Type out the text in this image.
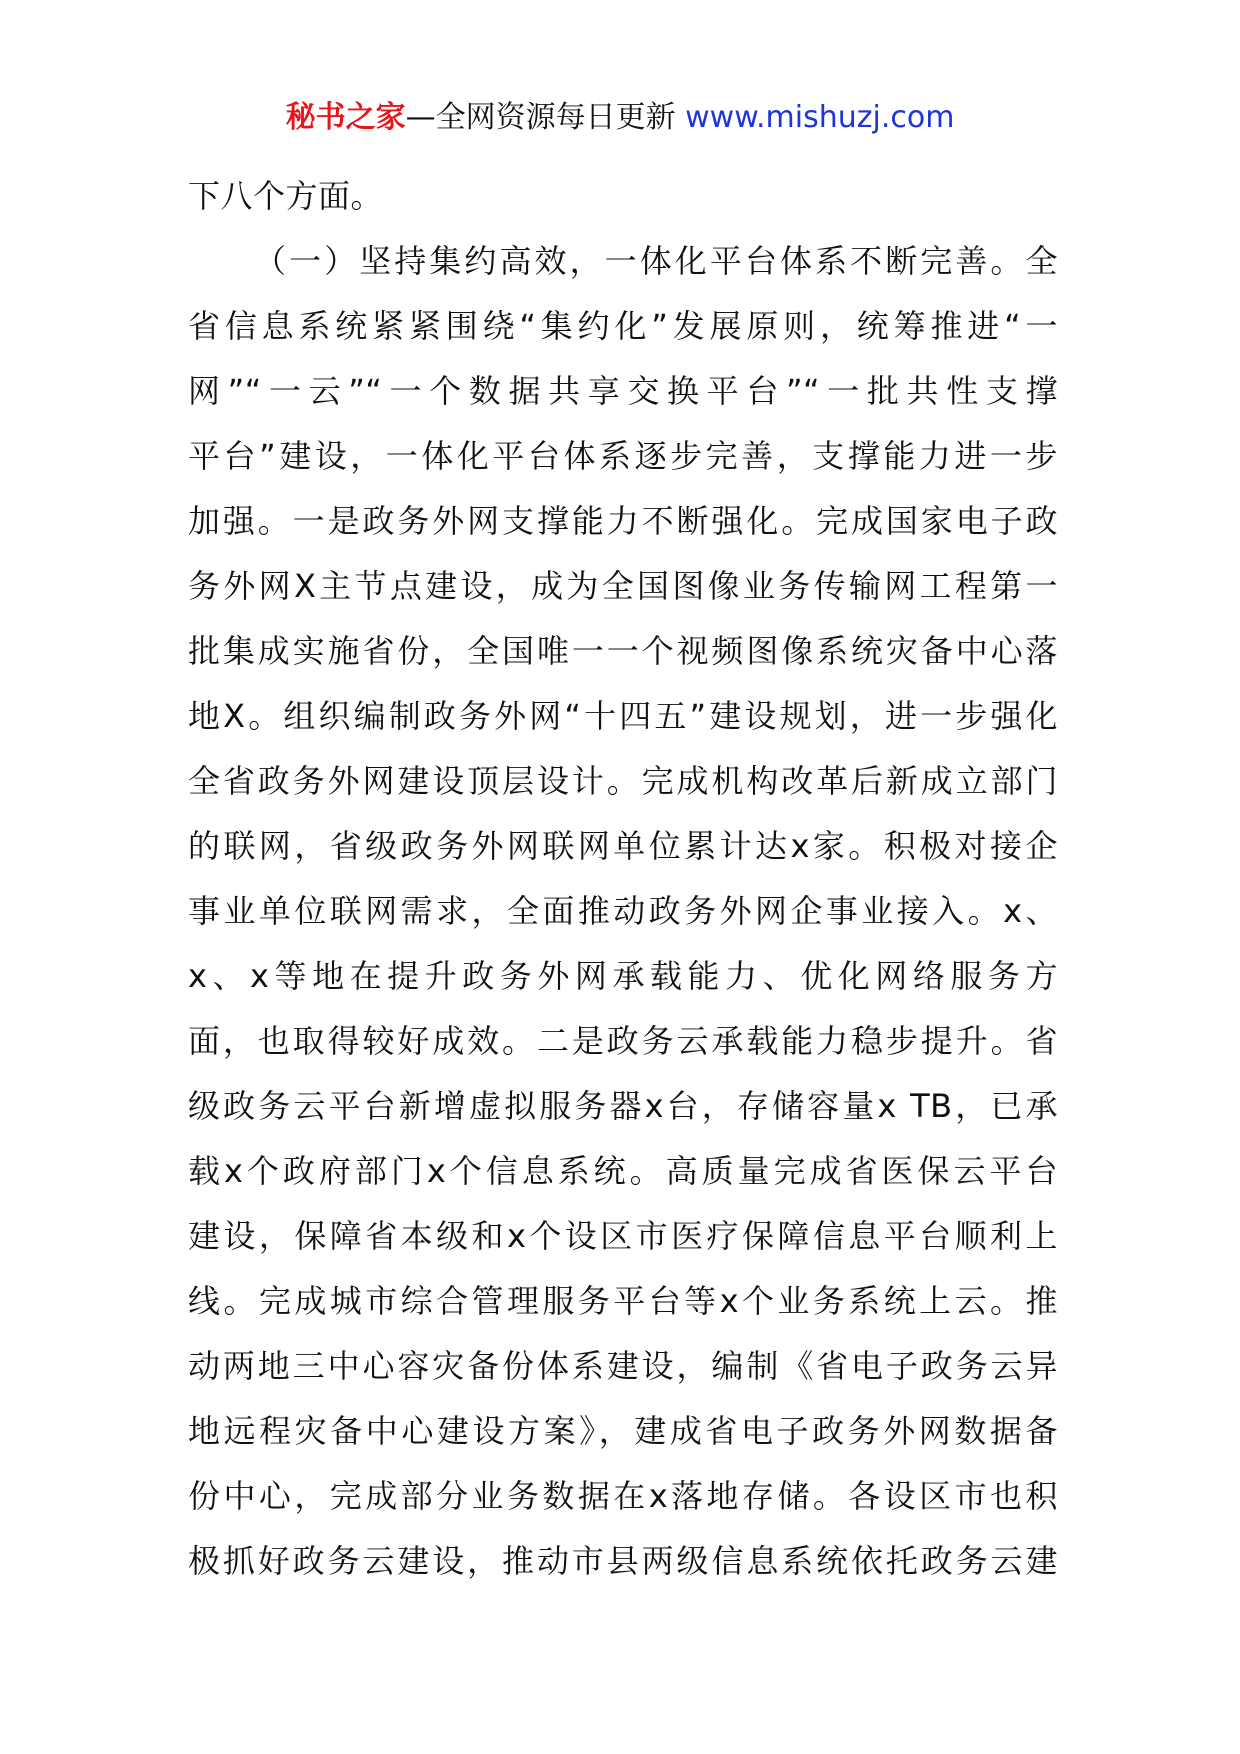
秘书之家—全网资源每日更新 www.mishuzj.com
下八个方面。
（一）坚持集约高效，一体化平台体系不断完善。全
省信息系统紧紧围绕“集约化”发展原则，统筹推进“一
网”“一云”“一个数据共享交换平台”“一批共性支撑
平台”建设，一体化平台体系逐步完善，支撑能力进一步
加强。一是政务外网支撑能力不断强化。完成国家电子政
务外网X主节点建设，成为全国图像业务传输网工程第一
批集成实施省份，全国唯一一个视频图像系统灾备中心落
地X。组织编制政务外网“十四五”建设规划，进一步强化
全省政务外网建设顶层设计。完成机构改革后新成立部门
的联网，省级政务外网联网单位累计达x家。积极对接企
事业单位联网需求，全面推动政务外网企事业接入。x、
x、x等地在提升政务外网承载能力、优化网络服务方
面，也取得较好成效。二是政务云承载能力稳步提升。省
级政务云平台新增虚拟服务器x台，存储容量x TB，已承
载x个政府部门x个信息系统。高质量完成省医保云平台
建设，保障省本级和x个设区市医疗保障信息平台顺利上
线。完成城市综合管理服务平台等x个业务系统上云。推
动两地三中心容灾备份体系建设，编制《省电子政务云异
地远程灾备中心建设方案》，建成省电子政务外网数据备
份中心，完成部分业务数据在x落地存储。各设区市也积
极抓好政务云建设，推动市县两级信息系统依托政务云建
